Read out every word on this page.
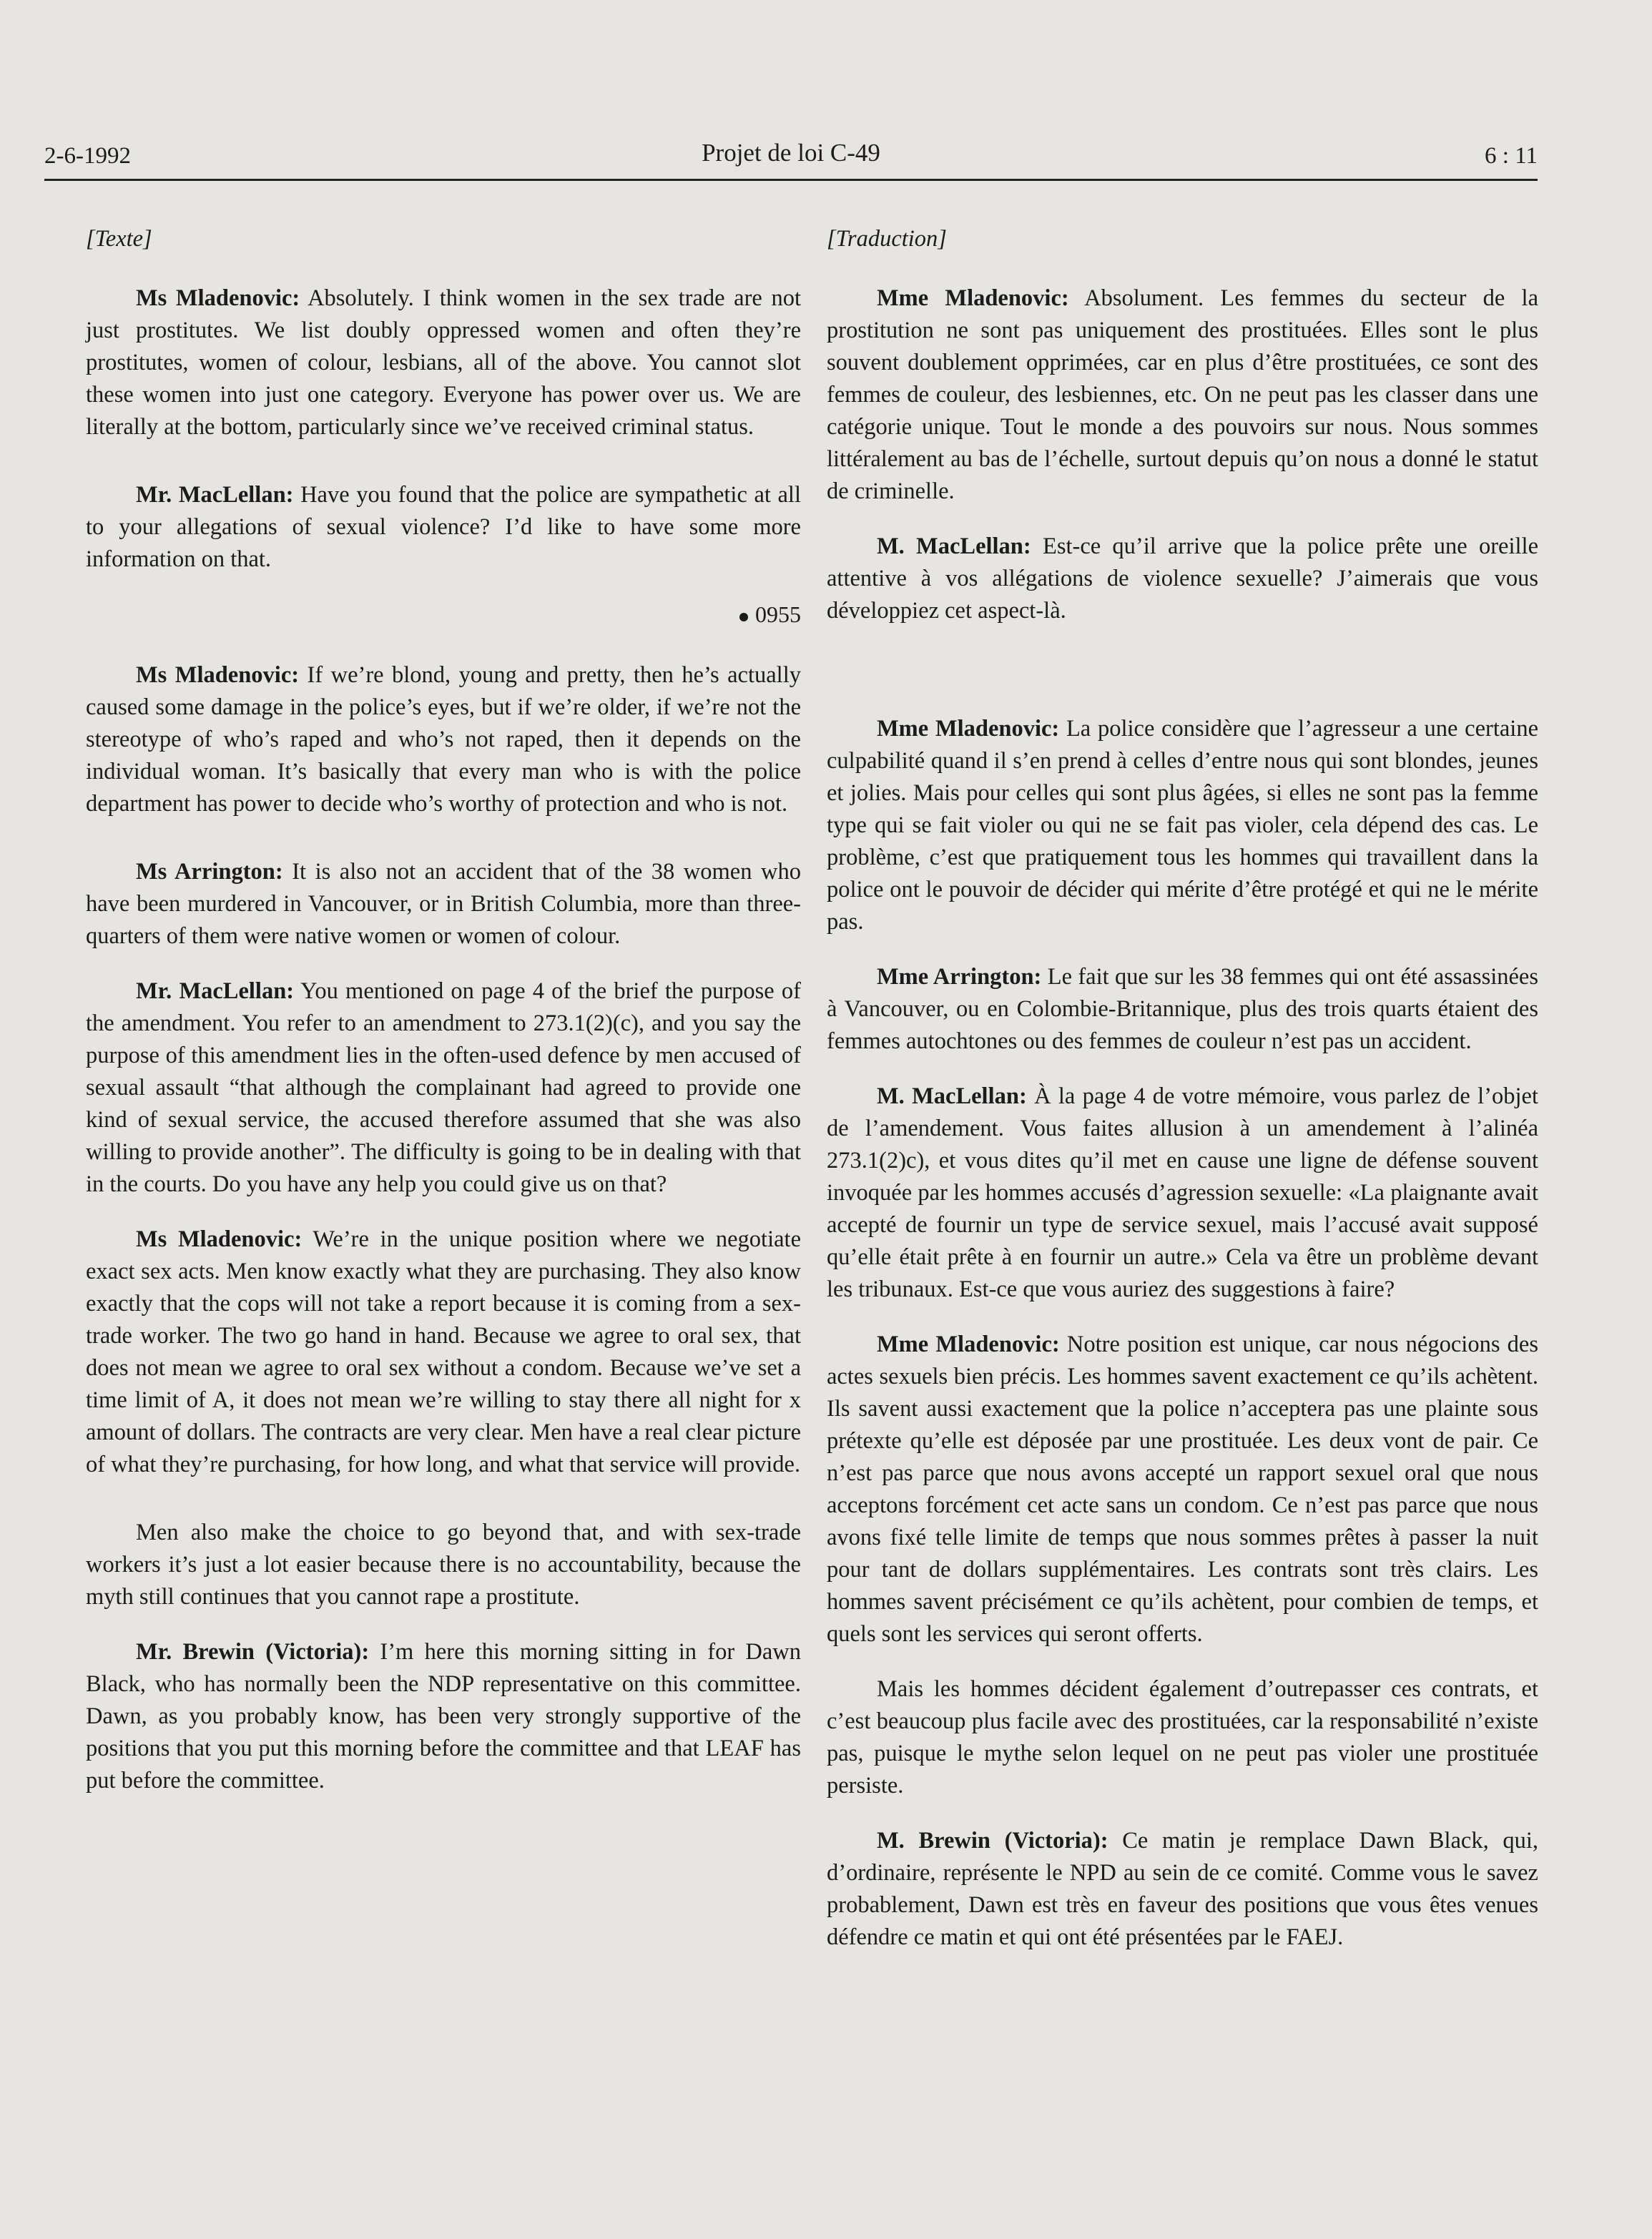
2-6-1992	Projet de loi C-49	6 : 11
[Texte]

Ms Mladenovic: Absolutely. I think women in the sex trade are not just prostitutes. We list doubly oppressed women and often they’re prostitutes, women of colour, lesbians, all of the above. You cannot slot these women into just one category. Everyone has power over us. We are literally at the bottom, particularly since we’ve received criminal status.

Mr. MacLellan: Have you found that the police are sympathetic at all to your allegations of sexual violence? I’d like to have some more information on that.

0955

Ms Mladenovic: If we’re blond, young and pretty, then he’s actually caused some damage in the police’s eyes, but if we’re older, if we’re not the stereotype of who’s raped and who’s not raped, then it depends on the individual woman. It’s basically that every man who is with the police department has power to decide who’s worthy of protection and who is not.

Ms Arrington: It is also not an accident that of the 38 women who have been murdered in Vancouver, or in British Columbia, more than three-quarters of them were native women or women of colour.

Mr. MacLellan: You mentioned on page 4 of the brief the purpose of the amendment. You refer to an amendment to 273.1(2)(c), and you say the purpose of this amendment lies in the often-used defence by men accused of sexual assault “that although the complainant had agreed to provide one kind of sexual service, the accused therefore assumed that she was also willing to provide another”. The difficulty is going to be in dealing with that in the courts. Do you have any help you could give us on that?

Ms Mladenovic: We’re in the unique position where we negotiate exact sex acts. Men know exactly what they are purchasing. They also know exactly that the cops will not take a report because it is coming from a sex-trade worker. The two go hand in hand. Because we agree to oral sex, that does not mean we agree to oral sex without a condom. Because we’ve set a time limit of A, it does not mean we’re willing to stay there all night for x amount of dollars. The contracts are very clear. Men have a real clear picture of what they’re purchasing, for how long, and what that service will provide.

Men also make the choice to go beyond that, and with sex-trade workers it’s just a lot easier because there is no accountability, because the myth still continues that you cannot rape a prostitute.

Mr. Brewin (Victoria): I’m here this morning sitting in for Dawn Black, who has normally been the NDP representative on this committee. Dawn, as you probably know, has been very strongly supportive of the positions that you put this morning before the committee and that LEAF has put before the committee.

[Traduction]

Mme Mladenovic: Absolument. Les femmes du secteur de la prostitution ne sont pas uniquement des prostituées. Elles sont le plus souvent doublement opprimées, car en plus d’être prostituées, ce sont des femmes de couleur, des lesbiennes, etc. On ne peut pas les classer dans une catégorie unique. Tout le monde a des pouvoirs sur nous. Nous sommes littéralement au bas de l’échelle, surtout depuis qu’on nous a donné le statut de criminelle.

M. MacLellan: Est-ce qu’il arrive que la police prête une oreille attentive à vos allégations de violence sexuelle? J’aimerais que vous développiez cet aspect-là.

Mme Mladenovic: La police considère que l’agresseur a une certaine culpabilité quand il s’en prend à celles d’entre nous qui sont blondes, jeunes et jolies. Mais pour celles qui sont plus âgées, si elles ne sont pas la femme type qui se fait violer ou qui ne se fait pas violer, cela dépend des cas. Le problème, c’est que pratiquement tous les hommes qui travaillent dans la police ont le pouvoir de décider qui mérite d’être protégé et qui ne le mérite pas.

Mme Arrington: Le fait que sur les 38 femmes qui ont été assassinées à Vancouver, ou en Colombie-Britannique, plus des trois quarts étaient des femmes autochtones ou des femmes de couleur n’est pas un accident.

M. MacLellan: À la page 4 de votre mémoire, vous parlez de l’objet de l’amendement. Vous faites allusion à un amendement à l’alinéa 273.1(2)c), et vous dites qu’il met en cause une ligne de défense souvent invoquée par les hommes accusés d’agression sexuelle: «La plaignante avait accepté de fournir un type de service sexuel, mais l’accusé avait supposé qu’elle était prête à en fournir un autre.» Cela va être un problème devant les tribunaux. Est-ce que vous auriez des suggestions à faire?

Mme Mladenovic: Notre position est unique, car nous négocions des actes sexuels bien précis. Les hommes savent exactement ce qu’ils achètent. Ils savent aussi exactement que la police n’acceptera pas une plainte sous prétexte qu’elle est déposée par une prostituée. Les deux vont de pair. Ce n’est pas parce que nous avons accepté un rapport sexuel oral que nous acceptons forcément cet acte sans un condom. Ce n’est pas parce que nous avons fixé telle limite de temps que nous sommes prêtes à passer la nuit pour tant de dollars supplémentaires. Les contrats sont très clairs. Les hommes savent précisément ce qu’ils achètent, pour combien de temps, et quels sont les services qui seront offerts.

Mais les hommes décident également d’outrepasser ces contrats, et c’est beaucoup plus facile avec des prostituées, car la responsabilité n’existe pas, puisque le mythe selon lequel on ne peut pas violer une prostituée persiste.

M. Brewin (Victoria): Ce matin je remplace Dawn Black, qui, d’ordinaire, représente le NPD au sein de ce comité. Comme vous le savez probablement, Dawn est très en faveur des positions que vous êtes venues défendre ce matin et qui ont été présentées par le FAEJ.
